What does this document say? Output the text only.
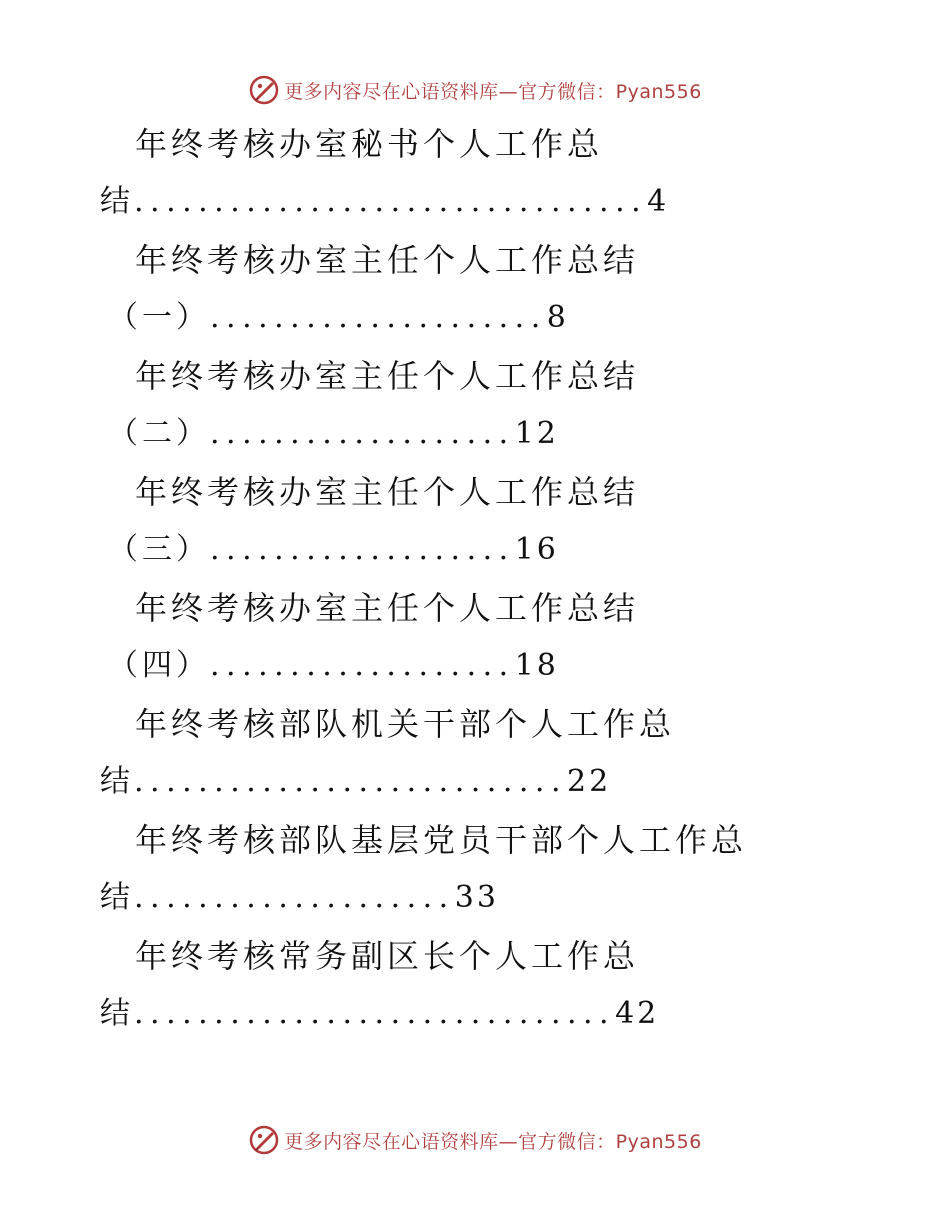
更多内容尽在心语资料库—官方微信：Pyan556
年终考核办室秘书个人工作总
结................................4
年终考核办室主任个人工作总结
（一）.....................8
年终考核办室主任个人工作总结
（二）...................12
年终考核办室主任个人工作总结
（三）...................16
年终考核办室主任个人工作总结
（四）...................18
年终考核部队机关干部个人工作总
结...........................22
年终考核部队基层党员干部个人工作总
结....................33
年终考核常务副区长个人工作总
结..............................42
更多内容尽在心语资料库—官方微信：Pyan556
